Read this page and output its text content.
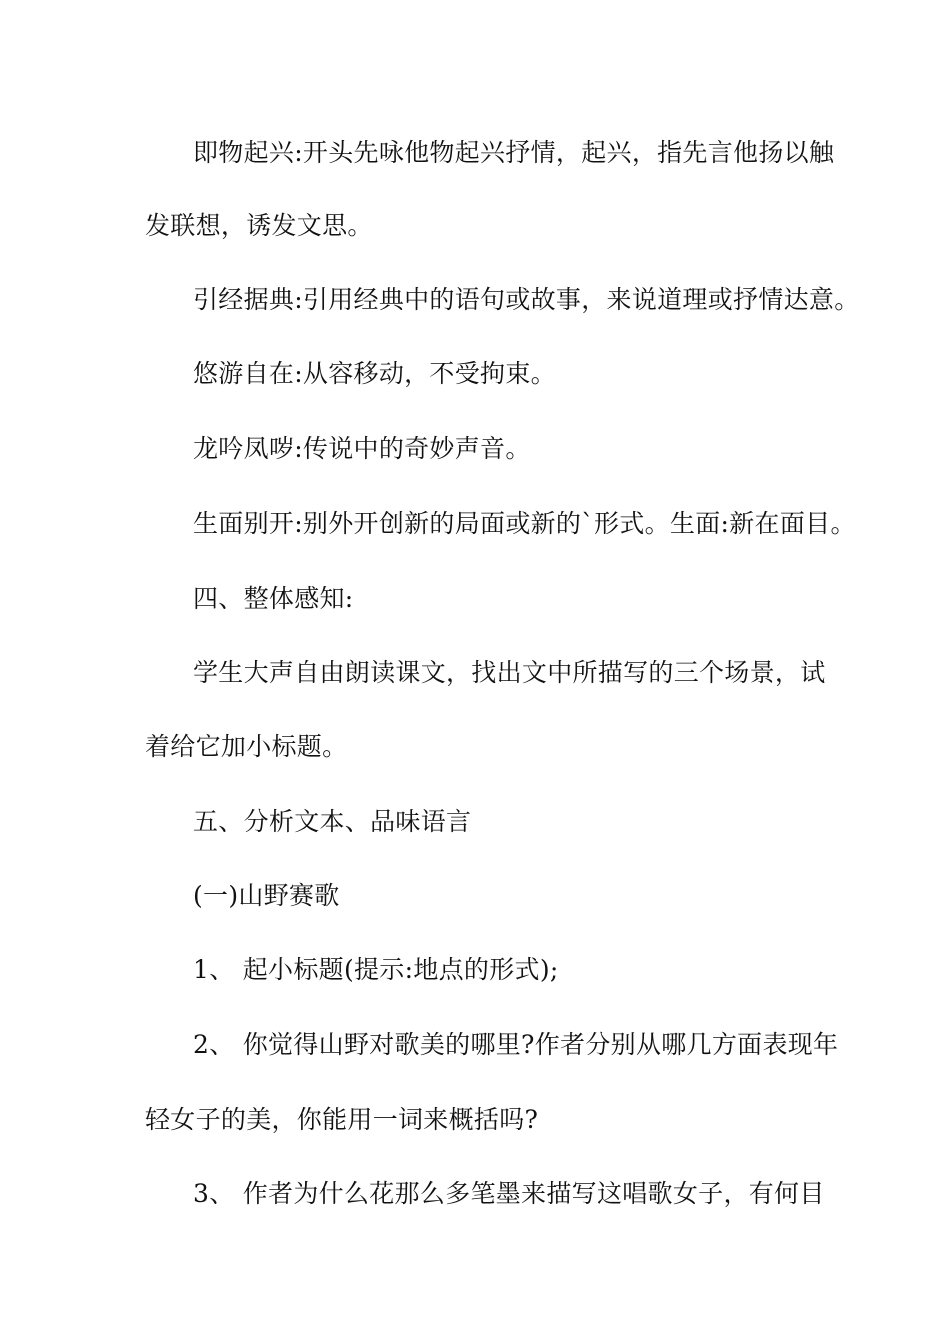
即物起兴:开头先咏他物起兴抒情，起兴，指先言他扬以触
发联想，诱发文思。
引经据典:引用经典中的语句或故事，来说道理或抒情达意。
悠游自在:从容移动，不受拘束。
龙吟凤哕:传说中的奇妙声音。
生面别开:别外开创新的局面或新的`形式。生面:新在面目。
四、整体感知:
学生大声自由朗读课文，找出文中所描写的三个场景，试
着给它加小标题。
五、分析文本、品味语言
(一)山野赛歌
1、 起小标题(提示:地点的形式);
2、 你觉得山野对歌美的哪里?作者分别从哪几方面表现年
轻女子的美，你能用一词来概括吗?
3、 作者为什么花那么多笔墨来描写这唱歌女子，有何目
